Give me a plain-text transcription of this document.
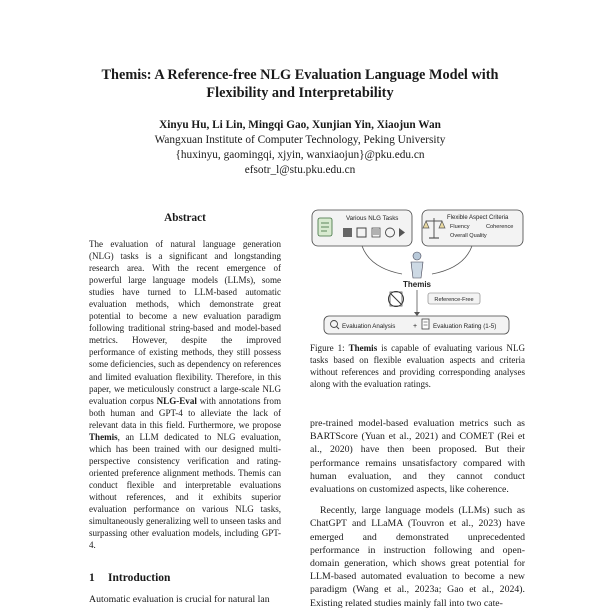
Themis: A Reference-free NLG Evaluation Language Model with
Flexibility and Interpretability
Xinyu Hu, Li Lin, Mingqi Gao, Xunjian Yin, Xiaojun Wan
Wangxuan Institute of Computer Technology, Peking University
{huxinyu, gaomingqi, xjyin, wanxiaojun}@pku.edu.cn
efsotr_l@stu.pku.edu.cn
Abstract

The evaluation of natural language generation (NLG) tasks is a significant and longstanding research area. With the recent emergence of powerful large language models (LLMs), some studies have turned to LLM-based automatic evaluation methods, which demonstrate great potential to become a new evaluation paradigm following traditional string-based and model-based metrics. However, despite the improved performance of existing methods, they still possess some deficiencies, such as dependency on references and limited evaluation flexibility. Therefore, in this paper, we meticulously construct a large-scale NLG evaluation corpus NLG-Eval with annotations from both human and GPT-4 to alleviate the lack of relevant data in this field. Furthermore, we propose Themis, an LLM dedicated to NLG evaluation, which has been trained with our designed multi-perspective consistency verification and rating-oriented preference alignment methods. Themis can conduct flexible and interpretable evaluations without references, and it exhibits superior evaluation performance on various NLG tasks, simultaneously generalizing well to unseen tasks and surpassing other evaluation models, including GPT-4.

1 Introduction
Automatic evaluation is crucial for natural lan
Various NLG Tasks	Flexible Aspect Criteria
Fluency	Coherence
Overall Quality
Themis
Reference-Free
Evaluation Analysis	+	Evaluation Rating (1-5)

Figure 1: Themis is capable of evaluating various NLG tasks based on flexible evaluation aspects and criteria without references and providing corresponding analyses along with the evaluation ratings.

pre-trained model-based evaluation metrics such as BARTScore (Yuan et al., 2021) and COMET (Rei et al., 2020) have then been proposed. But their performance remains unsatisfactory compared with human evaluation, and they cannot conduct evaluations on customized aspects, like coherence.

Recently, large language models (LLMs) such as ChatGPT and LLaMA (Touvron et al., 2023) have emerged and demonstrated unprecedented performance in instruction following and open-domain generation, which shows great potential for LLM-based automated evaluation to become a new paradigm (Wang et al., 2023a; Gao et al., 2024). Existing related studies mainly fall into two cate-
